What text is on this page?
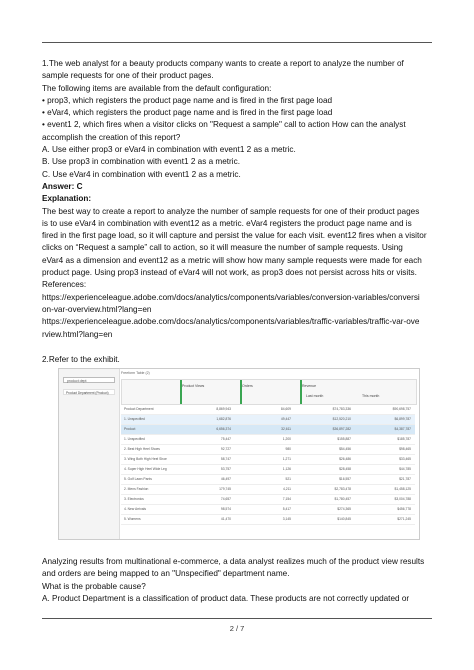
1.The web analyst for a beauty products company wants to create a report to analyze the number of

sample requests for one of their product pages.

The following items are available from the default configuration:

• prop3, which registers the product page name and is fired in the first page load

• eVar4, which registers the product page name and is fired in the first page load

• event1 2, which fires when a visitor clicks on "Request a sample" call to action How can the analyst

accomplish the creation of this report?

A. Use either prop3 or eVar4 in combination with event1 2 as a metric.

B. Use prop3 in combination with event1 2 as a metric.

C. Use eVar4 in combination with event1 2 as a metric.

Answer: C

Explanation:

The best way to create a report to analyze the number of sample requests for one of their product pages

is to use eVar4 in combination with event12 as a metric. eVar4 registers the product page name and is

fired in the first page load, so it will capture and persist the value for each visit. event12 fires when a visitor

clicks on “Request a sample” call to action, so it will measure the number of sample requests. Using

eVar4 as a dimension and event12 as a metric will show how many sample requests were made for each

product page. Using prop3 instead of eVar4 will not work, as prop3 does not persist across hits or visits.

References:

https://experienceleague.adobe.com/docs/analytics/components/variables/conversion-variables/conversi

on-var-overview.html?lang=en

https://experienceleague.adobe.com/docs/analytics/components/variables/traffic-variables/traffic-var-ove

rview.html?lang=en

2.Refer to the exhibit.
product dept
Product Department (Product)
Freeform Table (2)
Product Views	Orders	Revenue
Last month	This month
Product Department	8,869,943	84,609	$74,783,336	$90,698,757
1. Unspecified	1,682,876	49,447	$12,520,210	$6,899,787
Product	6,656,374	32,611	$36,897,282	$4,387,787
1. Unspecified	75,447	1,200	$155,887	$185,787
2. Best High Heel Shoes	92,727	980	$54,456	$98,465
3. Wing Both High Heel Shoe	58,747	1,271	$26,486	$33,465
4. Super High Heel Wide Leg	53,757	1,126	$28,458	$44,785
5. Golf Lawn Pants	46,497	521	$16,557	$21,787
2. Mens Fashion	179,745	4,211	$2,783,478	$1,458,125
3. Electronics	74,657	7,154	$1,780,457	$3,004,788
4. New Arrivals	98,574	5,417	$274,365	$456,778
5. Womens	41,470	3,145	$140,845	$271,245

Analyzing results from multinational e-commerce, a data analyst realizes much of the product view results

and orders are being mapped to an "Unspecified" department name.

What is the probable cause?

A. Product Department is a classification of product data. These products are not correctly updated or

2 / 7
